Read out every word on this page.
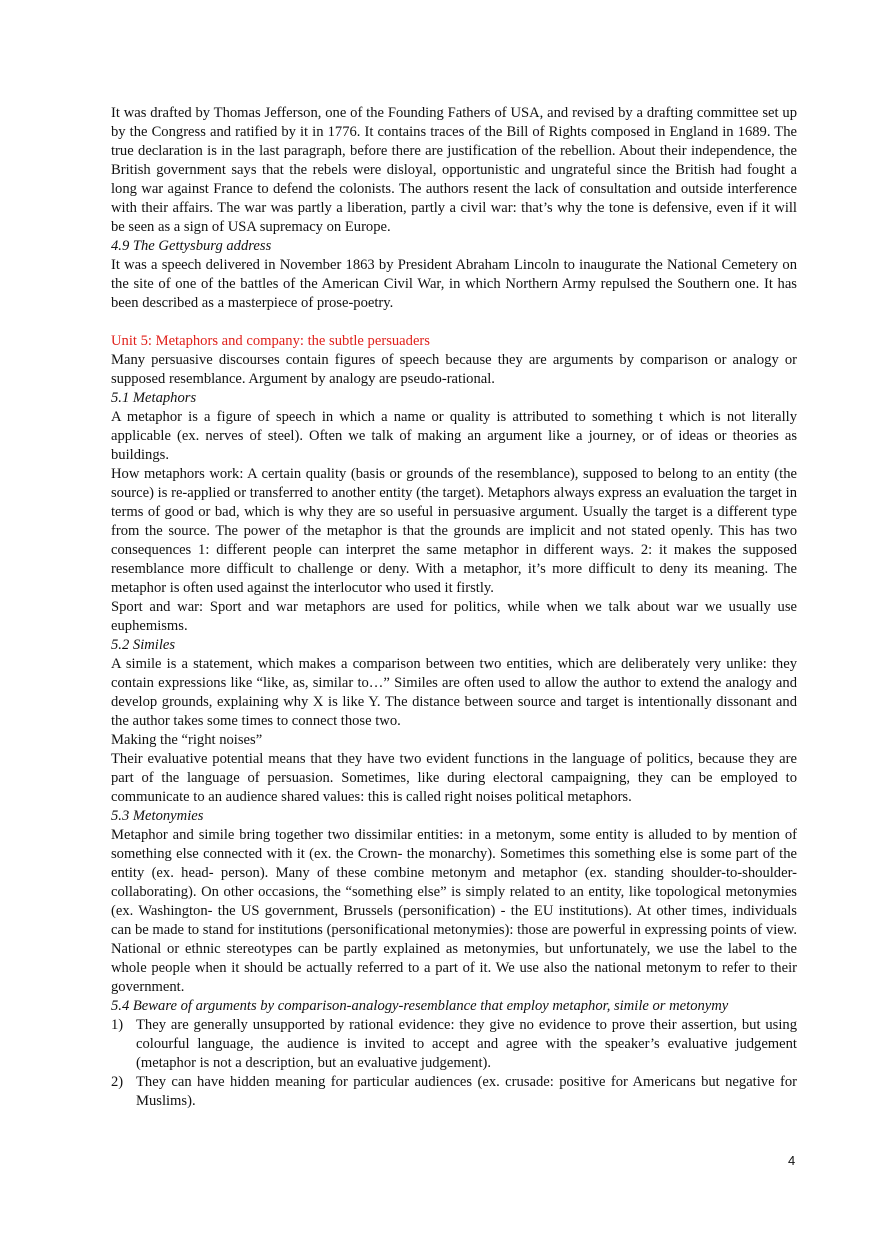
It was drafted by Thomas Jefferson, one of the Founding Fathers of USA, and revised by a drafting committee set up by the Congress and ratified by it in 1776. It contains traces of the Bill of Rights composed in England in 1689. The true declaration is in the last paragraph, before there are justification of the rebellion. About their independence, the British government says that the rebels were disloyal, opportunistic and ungrateful since the British had fought a long war against France to defend the colonists. The authors resent the lack of consultation and outside interference with their affairs. The war was partly a liberation, partly a civil war: that’s why the tone is defensive, even if it will be seen as a sign of USA supremacy on Europe.

4.9 The Gettysburg address

It was a speech delivered in November 1863 by President Abraham Lincoln to inaugurate the National Cemetery on the site of one of the battles of the American Civil War, in which Northern Army repulsed the Southern one. It has been described as a masterpiece of prose-poetry.

Unit 5: Metaphors and company: the subtle persuaders

Many persuasive discourses contain figures of speech because they are arguments by comparison or analogy or supposed resemblance. Argument by analogy are pseudo-rational.

5.1 Metaphors

A metaphor is a figure of speech in which a name or quality is attributed to something t which is not literally applicable (ex. nerves of steel). Often we talk of making an argument like a journey, or of ideas or theories as buildings.

How metaphors work: A certain quality (basis or grounds of the resemblance), supposed to belong to an entity (the source) is re-applied or transferred to another entity (the target). Metaphors always express an evaluation the target in terms of good or bad, which is why they are so useful in persuasive argument. Usually the target is a different type from the source. The power of the metaphor is that the grounds are implicit and not stated openly. This has two consequences 1: different people can interpret the same metaphor in different ways. 2: it makes the supposed resemblance more difficult to challenge or deny. With a metaphor, it’s more difficult to deny its meaning. The metaphor is often used against the interlocutor who used it firstly.

Sport and war: Sport and war metaphors are used for politics, while when we talk about war we usually use euphemisms.

5.2 Similes

A simile is a statement, which makes a comparison between two entities, which are deliberately very unlike: they contain expressions like “like, as, similar to…” Similes are often used to allow the author to extend the analogy and develop grounds, explaining why X is like Y. The distance between source and target is intentionally dissonant and the author takes some times to connect those two.

Making the “right noises”

Their evaluative potential means that they have two evident functions in the language of politics, because they are part of the language of persuasion. Sometimes, like during electoral campaigning, they can be employed to communicate to an audience shared values: this is called right noises political metaphors.

5.3 Metonymies

Metaphor and simile bring together two dissimilar entities: in a metonym, some entity is alluded to by mention of something else connected with it (ex. the Crown- the monarchy). Sometimes this something else is some part of the entity (ex. head- person). Many of these combine metonym and metaphor (ex. standing shoulder-to-shoulder- collaborating). On other occasions, the “something else” is simply related to an entity, like topological metonymies (ex. Washington- the US government, Brussels (personification) - the EU institutions). At other times, individuals can be made to stand for institutions (personificational metonymies): those are powerful in expressing points of view. National or ethnic stereotypes can be partly explained as metonymies, but unfortunately, we use the label to the whole people when it should be actually referred to a part of it. We use also the national metonym to refer to their government.

5.4 Beware of arguments by comparison-analogy-resemblance that employ metaphor, simile or metonymy

1) They are generally unsupported by rational evidence: they give no evidence to prove their assertion, but using colourful language, the audience is invited to accept and agree with the speaker’s evaluative judgement (metaphor is not a description, but an evaluative judgement).
2) They can have hidden meaning for particular audiences (ex. crusade: positive for Americans but negative for Muslims).
4
